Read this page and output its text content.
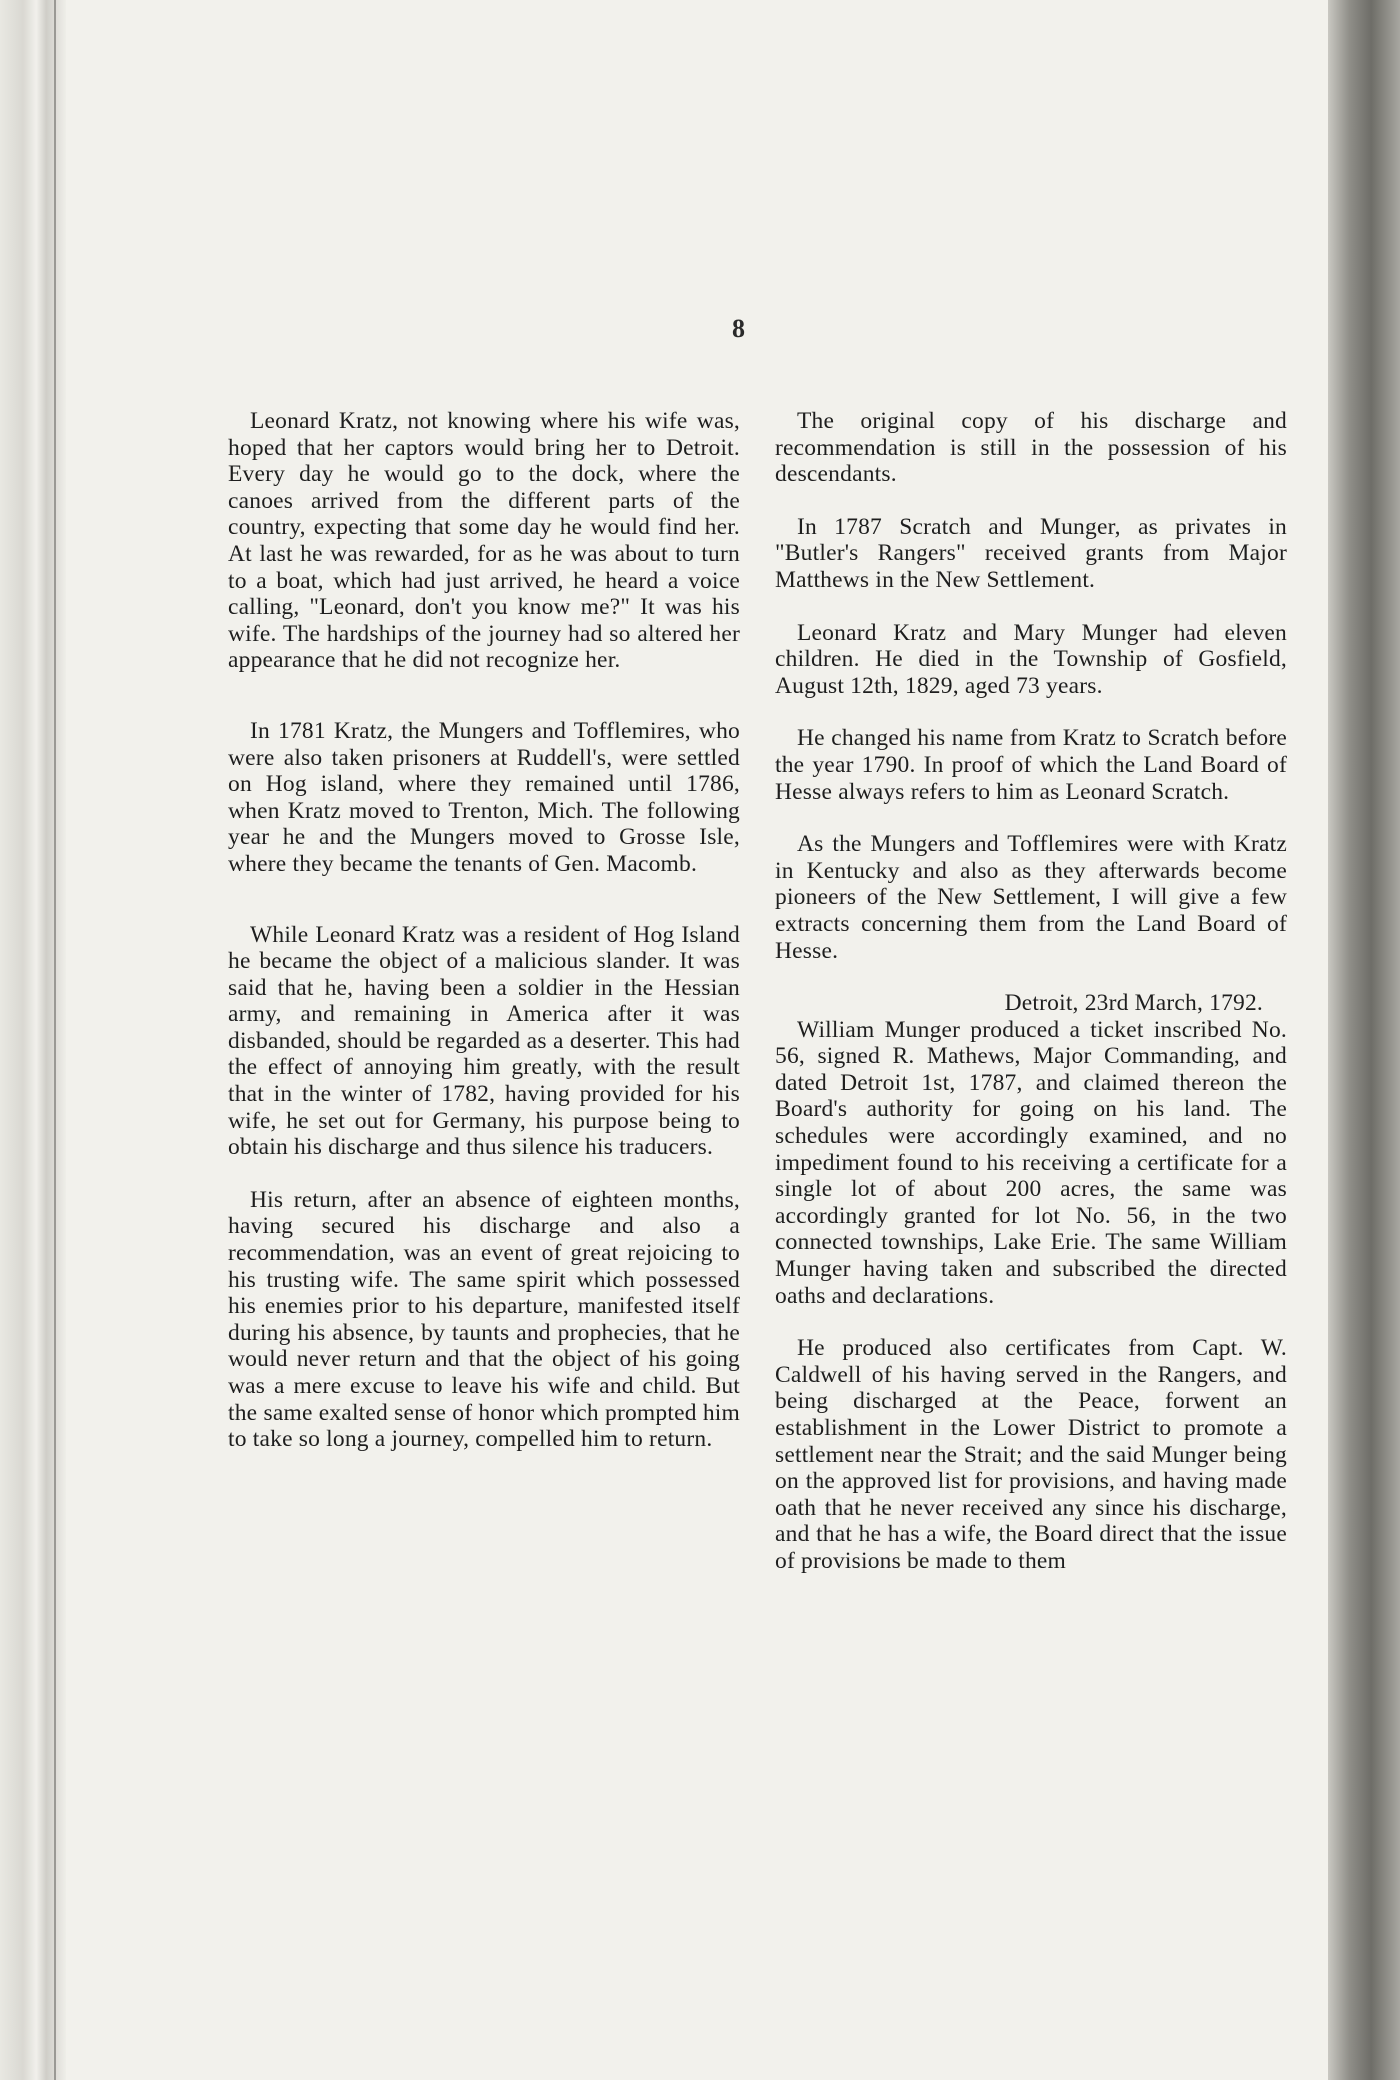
8

Leonard Kratz, not knowing where his wife was, hoped that her captors would bring her to Detroit. Every day he would go to the dock, where the canoes arrived from the different parts of the country, expecting that some day he would find her. At last he was rewarded, for as he was about to turn to a boat, which had just arrived, he heard a voice calling, "Leonard, don't you know me?" It was his wife. The hardships of the journey had so altered her appearance that he did not recognize her.

In 1781 Kratz, the Mungers and Tofflemires, who were also taken prisoners at Ruddell's, were settled on Hog island, where they remained until 1786, when Kratz moved to Trenton, Mich. The following year he and the Mungers moved to Grosse Isle, where they became the tenants of Gen. Macomb.

While Leonard Kratz was a resident of Hog Island he became the object of a malicious slander. It was said that he, having been a soldier in the Hessian army, and remaining in America after it was disbanded, should be regarded as a deserter. This had the effect of annoying him greatly, with the result that in the winter of 1782, having provided for his wife, he set out for Germany, his purpose being to obtain his discharge and thus silence his traducers.

His return, after an absence of eighteen months, having secured his discharge and also a recommendation, was an event of great rejoicing to his trusting wife. The same spirit which possessed his enemies prior to his departure, manifested itself during his absence, by taunts and prophecies, that he would never return and that the object of his going was a mere excuse to leave his wife and child. But the same exalted sense of honor which prompted him to take so long a journey, compelled him to return.

The original copy of his discharge and recommendation is still in the possession of his descendants.

In 1787 Scratch and Munger, as privates in "Butler's Rangers" received grants from Major Matthews in the New Settlement.

Leonard Kratz and Mary Munger had eleven children. He died in the Township of Gosfield, August 12th, 1829, aged 73 years.

He changed his name from Kratz to Scratch before the year 1790. In proof of which the Land Board of Hesse always refers to him as Leonard Scratch.

As the Mungers and Tofflemires were with Kratz in Kentucky and also as they afterwards become pioneers of the New Settlement, I will give a few extracts concerning them from the Land Board of Hesse.

Detroit, 23rd March, 1792.

William Munger produced a ticket inscribed No. 56, signed R. Mathews, Major Commanding, and dated Detroit 1st, 1787, and claimed thereon the Board's authority for going on his land. The schedules were accordingly examined, and no impediment found to his receiving a certificate for a single lot of about 200 acres, the same was accordingly granted for lot No. 56, in the two connected townships, Lake Erie. The same William Munger having taken and subscribed the directed oaths and declarations.

He produced also certificates from Capt. W. Caldwell of his having served in the Rangers, and being discharged at the Peace, forwent an establishment in the Lower District to promote a settlement near the Strait; and the said Munger being on the approved list for provisions, and having made oath that he never received any since his discharge, and that he has a wife, the Board direct that the issue of provisions be made to them
